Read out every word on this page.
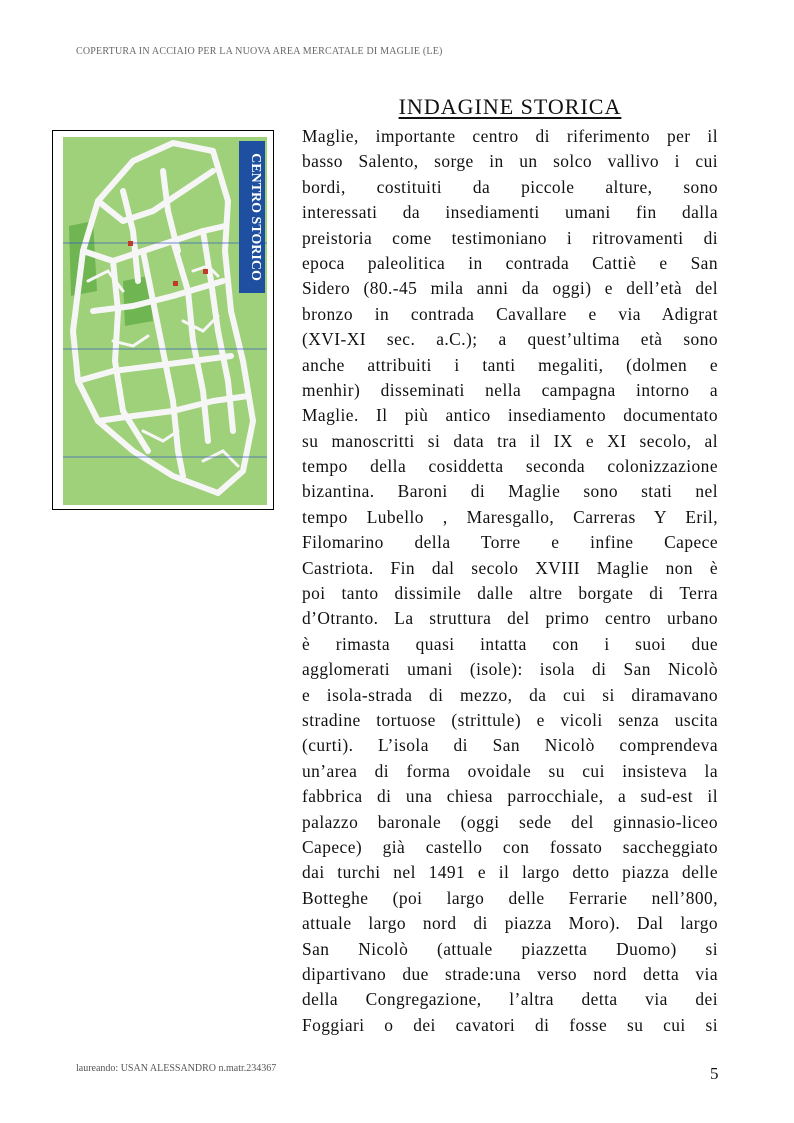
COPERTURA IN ACCIAIO PER LA NUOVA AREA MERCATALE DI MAGLIE (LE)
INDAGINE STORICA
CENTRO STORICO
Maglie, importante centro di riferimento per il
basso Salento, sorge in un solco vallivo i cui
bordi, costituiti da piccole alture, sono
interessati da insediamenti umani fin dalla
preistoria come testimoniano i ritrovamenti di
epoca paleolitica in contrada Cattiè e San
Sidero (80.-45 mila anni da oggi) e dell’età del
bronzo in contrada Cavallare e via Adigrat
(XVI-XI sec. a.C.); a quest’ultima età sono
anche attribuiti i tanti megaliti, (dolmen e
menhir) disseminati nella campagna intorno a
Maglie. Il più antico insediamento documentato
su manoscritti si data tra il IX e XI secolo, al
tempo della cosiddetta seconda colonizzazione
bizantina. Baroni di Maglie sono stati nel
tempo Lubello , Maresgallo, Carreras Y Eril,
Filomarino della Torre e infine Capece
Castriota. Fin dal secolo XVIII Maglie non è
poi tanto dissimile dalle altre borgate di Terra
d’Otranto. La struttura del primo centro urbano
è rimasta quasi intatta con i suoi due
agglomerati umani (isole): isola di San Nicolò
e isola-strada di mezzo, da cui si diramavano
stradine tortuose (strittule) e vicoli senza uscita
(curti). L’isola di San Nicolò comprendeva
un’area di forma ovoidale su cui insisteva la
fabbrica di una chiesa parrocchiale, a sud-est il
palazzo baronale (oggi sede del ginnasio-liceo
Capece) già castello con fossato saccheggiato
dai turchi nel 1491 e il largo detto piazza delle
Botteghe (poi largo delle Ferrarie nell’800,
attuale largo nord di piazza Moro). Dal largo
San Nicolò (attuale piazzetta Duomo) si
dipartivano due strade:una verso nord detta via
della Congregazione, l’altra detta via dei
Foggiari o dei cavatori di fosse su cui si
laureando: USAN ALESSANDRO n.matr.234367	5
